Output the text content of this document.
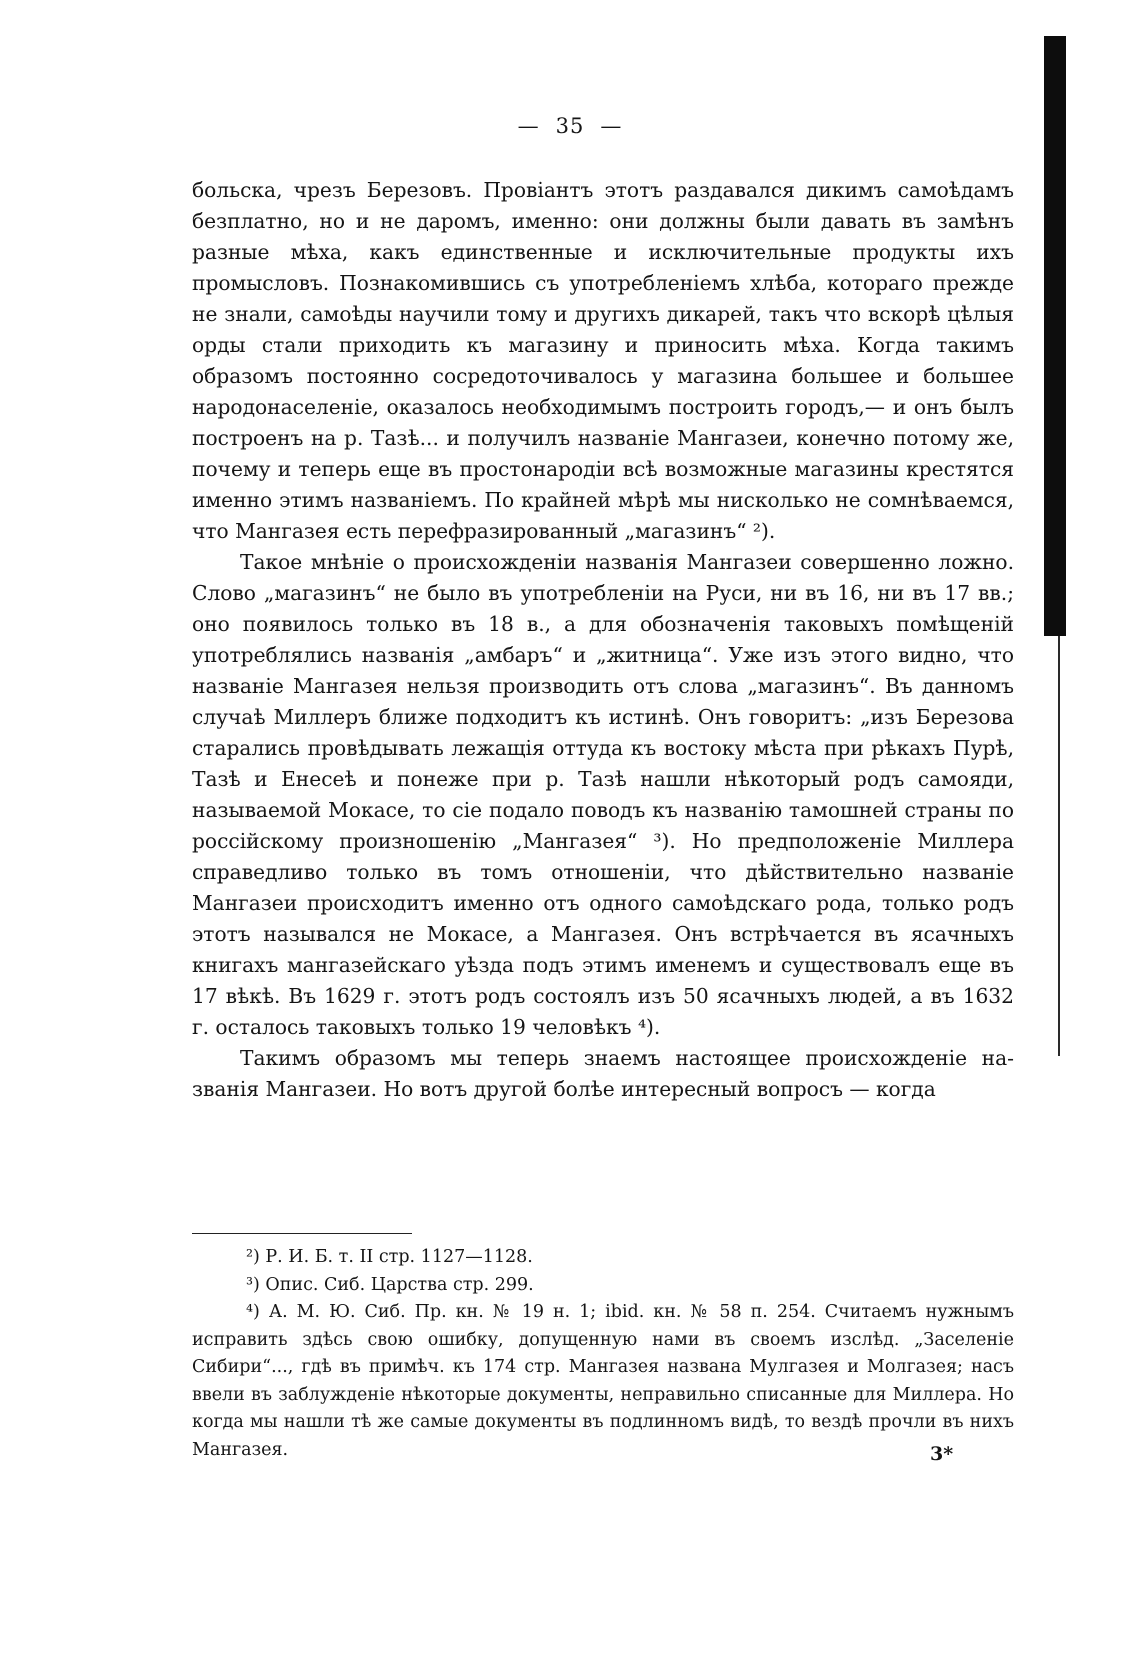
— 35 —

больска, чрезъ Березовъ. Провіантъ этотъ раздавался дикимъ самоѣдамъ безплатно, но и не даромъ, именно: они должны были давать въ замѣнъ разные мѣха, какъ единственные и исключительные продукты ихъ промысловъ. Познакомившись съ употребленіемъ хлѣба, котораго прежде не знали, самоѣды научили тому и другихъ дикарей, такъ что вскорѣ цѣлыя орды стали приходить къ магазину и приносить мѣха. Когда такимъ образомъ постоянно сосредоточивалось у магазина большее и большее народонаселеніе, оказалось необходимымъ построить городъ,— и онъ былъ построенъ на р. Тазѣ... и получилъ названіе Мангазеи, конечно потому же, почему и теперь еще въ простонародіи всѣ возможные магазины крестятся именно этимъ названіемъ. По крайней мѣрѣ мы нисколько не сомнѣваемся, что Мангазея есть перефразированный „магазинъ“ ²).

Такое мнѣніе о происхожденіи названія Мангазеи совершенно ложно. Слово „магазинъ“ не было въ употребленіи на Руси, ни въ 16, ни въ 17 вв.; оно появилось только въ 18 в., а для обозначенія таковыхъ помѣщеній употреблялись названія „амбаръ“ и „житница“. Уже изъ этого видно, что названіе Мангазея нельзя производить отъ слова „магазинъ“. Въ данномъ случаѣ Миллеръ ближе подходитъ къ истинѣ. Онъ говоритъ: „изъ Березова старались провѣдывать лежащія оттуда къ востоку мѣста при рѣкахъ Пурѣ, Тазѣ и Енесеѣ и понеже при р. Тазѣ нашли нѣкоторый родъ самояди, называемой Мокасе, то сіе подало поводъ къ названію тамошней страны по россійскому произношенію „Мангазея“ ³). Но предположеніе Миллера справедливо только въ томъ отношеніи, что дѣйствительно названіе Мангазеи происходитъ именно отъ одного самоѣдскаго рода, только родъ этотъ назывался не Мокасе, а Мангазея. Онъ встрѣчается въ ясачныхъ книгахъ мангазейскаго уѣзда подъ этимъ именемъ и существовалъ еще въ 17 вѣкѣ. Въ 1629 г. этотъ родъ состоялъ изъ 50 ясачныхъ людей, а въ 1632 г. осталось таковыхъ только 19 человѣкъ ⁴).

Такимъ образомъ мы теперь знаемъ настоящее происхожденіе названія Мангазеи. Но вотъ другой болѣе интересный вопросъ — когда

²) Р. И. Б. т. II стр. 1127—1128.

³) Опис. Сиб. Царства стр. 299.

⁴) А. М. Ю. Сиб. Пр. кн. № 19 н. 1; ibid. кн. № 58 п. 254. Считаемъ нужнымъ исправить здѣсь свою ошибку, допущенную нами въ своемъ изслѣд. „Заселеніе Сибири“..., гдѣ въ примѣч. къ 174 стр. Мангазея названа Мулгазея и Молгазея; насъ ввели въ заблужденіе нѣкоторые документы, неправильно списанные для Миллера. Но когда мы нашли тѣ же самые документы въ подлинномъ видѣ, то вездѣ прочли въ нихъ Мангазея.	3*
